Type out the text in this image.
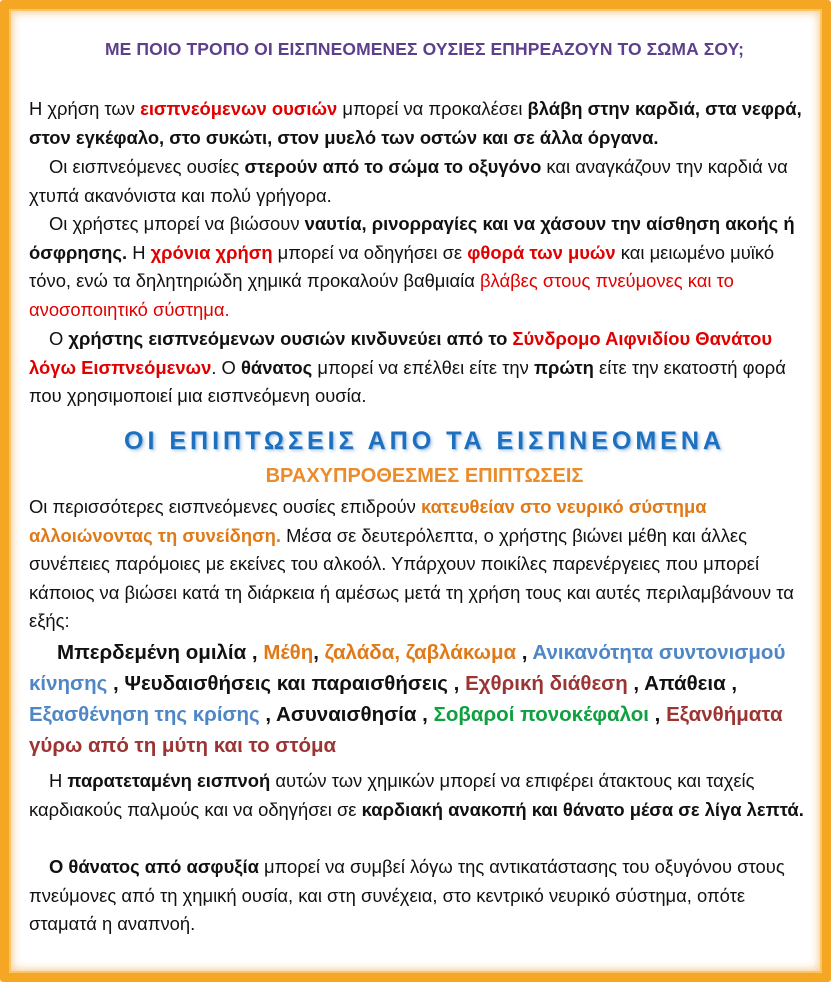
ΜΕ ΠΟΙΟ ΤΡΟΠΟ ΟΙ ΕΙΣΠΝΕΟΜΕΝΕΣ ΟΥΣΙΕΣ ΕΠΗΡΕΑΖΟΥΝ ΤΟ ΣΩΜΑ ΣΟΥ;
Η χρήση των εισπνεόμενων ουσιών μπορεί να προκαλέσει βλάβη στην καρδιά, στα νεφρά, στον εγκέφαλο, στο συκώτι, στον μυελό των οστών και σε άλλα όργανα.
Οι εισπνεόμενες ουσίες στερούν από το σώμα το οξυγόνο και αναγκάζουν την καρδιά να χτυπά ακανόνιστα και πολύ γρήγορα.
Οι χρήστες μπορεί να βιώσουν ναυτία, ρινορραγίες και να χάσουν την αίσθηση ακοής ή όσφρησης. Η χρόνια χρήση μπορεί να οδηγήσει σε φθορά των μυών και μειωμένο μυϊκό τόνο, ενώ τα δηλητηριώδη χημικά προκαλούν βαθμιαία βλάβες στους πνεύμονες και το ανοσοποιητικό σύστημα.
Ο χρήστης εισπνεόμενων ουσιών κινδυνεύει από το Σύνδρομο Αιφνιδίου Θανάτου λόγω Εισπνεόμενων. Ο θάνατος μπορεί να επέλθει είτε την πρώτη είτε την εκατοστή φορά που χρησιμοποιεί μια εισπνεόμενη ουσία.
ΟΙ ΕΠΙΠΤΩΣΕΙΣ ΑΠΟ ΤΑ ΕΙΣΠΝΕΟΜΕΝΑ
ΒΡΑΧΥΠΡΟΘΕΣΜΕΣ ΕΠΙΠΤΩΣΕΙΣ
Οι περισσότερες εισπνεόμενες ουσίες επιδρούν κατευθείαν στο νευρικό σύστημα αλλοιώνοντας τη συνείδηση. Μέσα σε δευτερόλεπτα, ο χρήστης βιώνει μέθη και άλλες συνέπειες παρόμοιες με εκείνες του αλκοόλ. Υπάρχουν ποικίλες παρενέργειες που μπορεί κάποιος να βιώσει κατά τη διάρκεια ή αμέσως μετά τη χρήση τους και αυτές περιλαμβάνουν τα εξής:
Μπερδεμένη ομιλία , Μέθη, ζαλάδα, ζαβλάκωμα , Ανικανότητα συντονισμού κίνησης , Ψευδαισθήσεις και παραισθήσεις , Εχθρική διάθεση , Απάθεια , Εξασθένηση της κρίσης , Ασυναισθησία , Σοβαροί πονοκέφαλοι , Εξανθήματα γύρω από τη μύτη και το στόμα
Η παρατεταμένη εισπνοή αυτών των χημικών μπορεί να επιφέρει άτακτους και ταχείς καρδιακούς παλμούς και να οδηγήσει σε καρδιακή ανακοπή και θάνατο μέσα σε λίγα λεπτά.
Ο θάνατος από ασφυξία μπορεί να συμβεί λόγω της αντικατάστασης του οξυγόνου στους πνεύμονες από τη χημική ουσία, και στη συνέχεια, στο κεντρικό νευρικό σύστημα, οπότε σταματά η αναπνοή.
